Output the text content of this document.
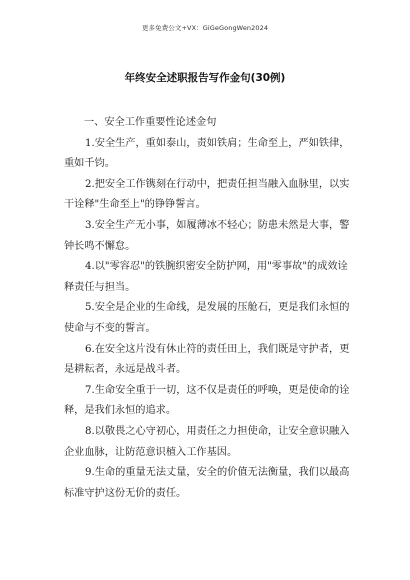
更多免费公文+VX：GiGeGongWen2024
年终安全述职报告写作金句(30例)

一、安全工作重要性论述金句

1.安全生产，重如泰山，责如铁肩；生命至上，严如铁律，重如千钧。

2.把安全工作镌刻在行动中，把责任担当融入血脉里，以实干诠释"生命至上"的铮铮誓言。

3.安全生产无小事，如履薄冰不轻心；防患未然是大事，警钟长鸣不懈怠。

4.以"零容忍"的铁腕织密安全防护网，用"零事故"的成效诠释责任与担当。

5.安全是企业的生命线，是发展的压舱石，更是我们永恒的使命与不变的誓言。

6.在安全这片没有休止符的责任田上，我们既是守护者，更是耕耘者，永远是战斗者。

7.生命安全重于一切，这不仅是责任的呼唤，更是使命的诠释，是我们永恒的追求。

8.以敬畏之心守初心，用责任之力担使命，让安全意识融入企业血脉，让防范意识植入工作基因。

9.生命的重量无法丈量，安全的价值无法衡量，我们以最高标准守护这份无价的责任。
